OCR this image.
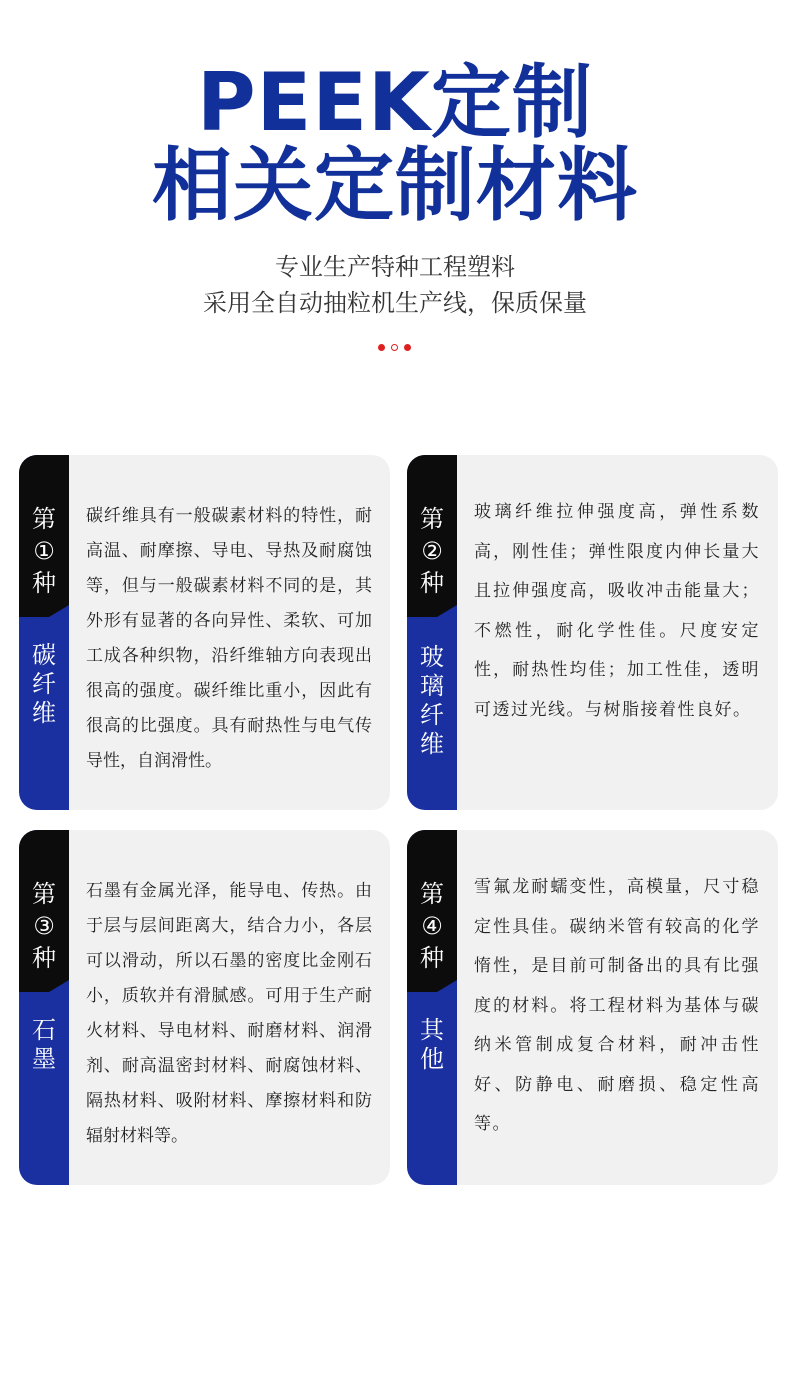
PEEK定制
相关定制材料
专业生产特种工程塑料
采用全自动抽粒机生产线，保质保量
第
①
种
碳
纤
维
碳纤维具有一般碳素材料的特性，耐高温、耐摩擦、导电、导热及耐腐蚀等，但与一般碳素材料不同的是，其外形有显著的各向异性、柔软、可加工成各种织物，沿纤维轴方向表现出很高的强度。碳纤维比重小，因此有很高的比强度。具有耐热性与电气传导性，自润滑性。
第
②
种
玻
璃
纤
维
玻璃纤维拉伸强度高，弹性系数高，刚性佳；弹性限度内伸长量大且拉伸强度高，吸收冲击能量大；不燃性，耐化学性佳。尺度安定性，耐热性均佳；加工性佳，透明可透过光线。与树脂接着性良好。
第
③
种
石
墨
石墨有金属光泽，能导电、传热。由于层与层间距离大，结合力小，各层可以滑动，所以石墨的密度比金刚石小，质软并有滑腻感。可用于生产耐火材料、导电材料、耐磨材料、润滑剂、耐高温密封材料、耐腐蚀材料、隔热材料、吸附材料、摩擦材料和防辐射材料等。
第
④
种
其
他
雪氟龙耐蠕变性，高模量，尺寸稳定性具佳。碳纳米管有较高的化学惰性，是目前可制备出的具有比强度的材料。将工程材料为基体与碳纳米管制成复合材料，耐冲击性好、防静电、耐磨损、稳定性高等。
